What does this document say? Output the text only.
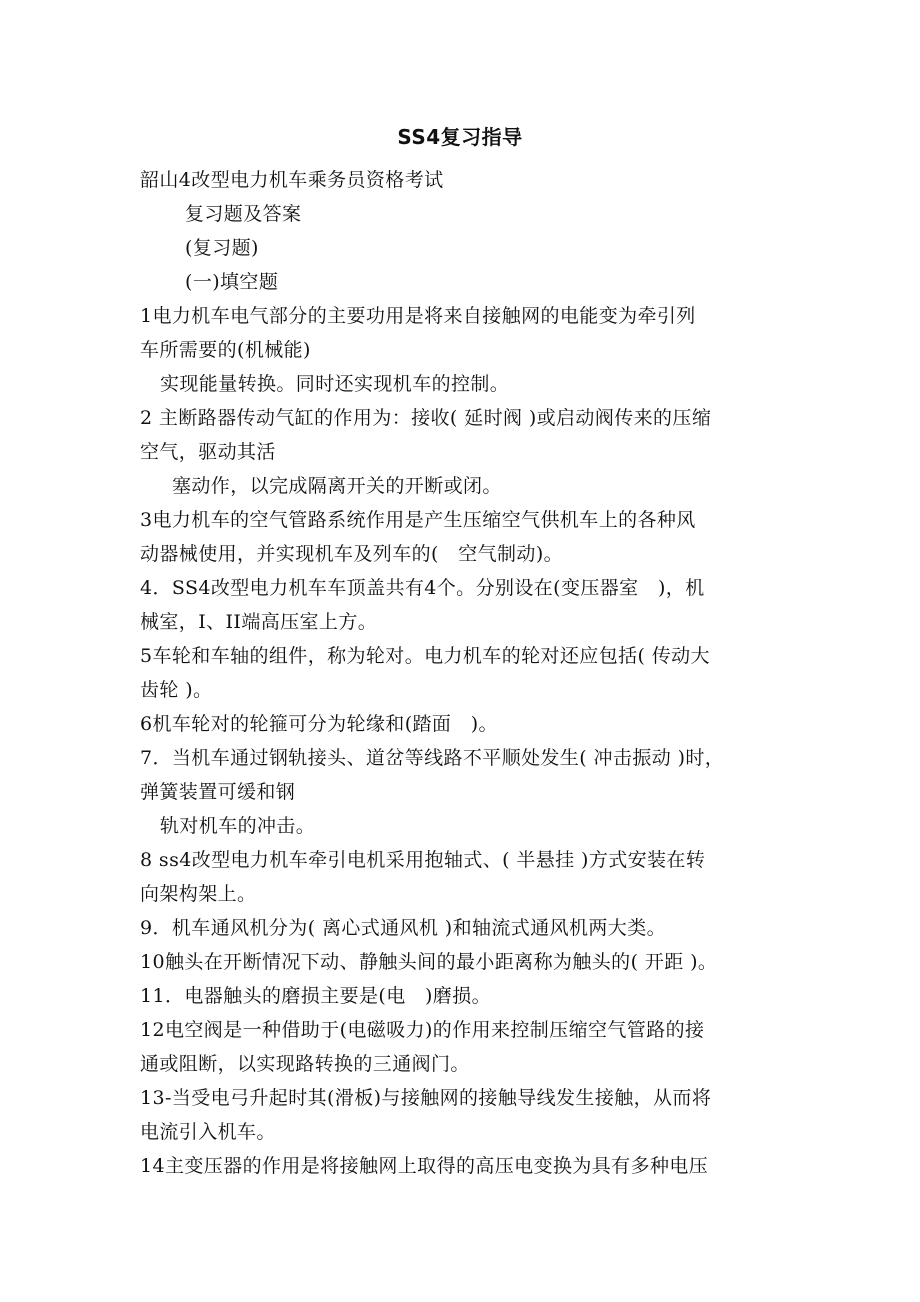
SS4复习指导
韶山4改型电力机车乘务员资格考试
复习题及答案
(复习题)
(一)填空题
1电力机车电气部分的主要功用是将来自接触网的电能变为牵引列
车所需要的(机械能)
实现能量转换。同时还实现机车的控制。
2 主断路器传动气缸的作用为：接收( 延时阀 )或启动阀传来的压缩
空气，驱动其活
塞动作，以完成隔离开关的开断或闭。
3电力机车的空气管路系统作用是产生压缩空气供机车上的各种风
动器械使用，并实现机车及列车的(　空气制动)。
4．SS4改型电力机车车顶盖共有4个。分别设在(变压器室　)，机
械室，I、II端高压室上方。
5车轮和车轴的组件，称为轮对。电力机车的轮对还应包括( 传动大
齿轮 )。
6机车轮对的轮箍可分为轮缘和(踏面　)。
7．当机车通过钢轨接头、道岔等线路不平顺处发生( 冲击振动 )时，
弹簧装置可缓和钢
轨对机车的冲击。
8 ss4改型电力机车牵引电机采用抱轴式、( 半悬挂 )方式安装在转
向架构架上。
9．机车通风机分为( 离心式通风机 )和轴流式通风机两大类。
10触头在开断情况下动、静触头间的最小距离称为触头的( 开距 )。
11．电器触头的磨损主要是(电　)磨损。
12电空阀是一种借助于(电磁吸力)的作用来控制压缩空气管路的接
通或阻断，以实现路转换的三通阀门。
13-当受电弓升起时其(滑板)与接触网的接触导线发生接触，从而将
电流引入机车。
14主变压器的作用是将接触网上取得的高压电变换为具有多种电压
